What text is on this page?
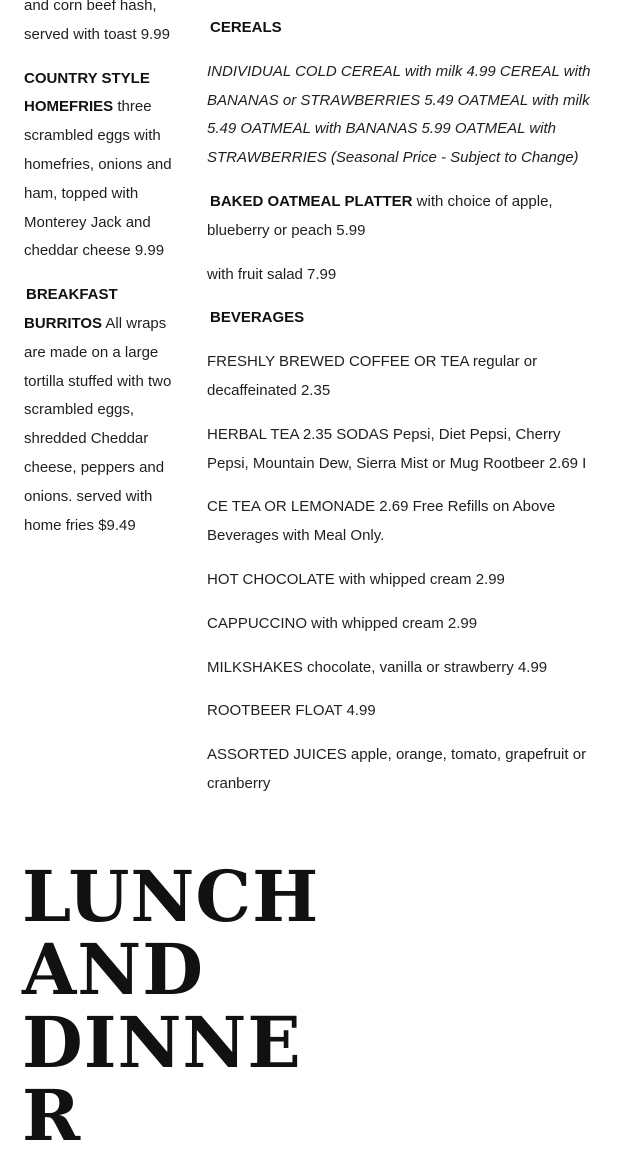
and corn beef hash, served with toast 9.99

COUNTRY STYLE HOMEFRIES three scrambled eggs with homefries, onions and ham, topped with Monterey Jack and cheddar cheese 9.99

BREAKFAST BURRITOS All wraps are made on a large tortilla stuffed with two scrambled eggs, shredded Cheddar cheese, peppers and onions. served with home fries $9.49

CEREALS

INDIVIDUAL COLD CEREAL with milk 4.99 CEREAL with BANANAS or STRAWBERRIES 5.49 OATMEAL with milk 5.49 OATMEAL with BANANAS 5.99 OATMEAL with STRAWBERRIES (Seasonal Price - Subject to Change)

BAKED OATMEAL PLATTER with choice of apple, blueberry or peach 5.99

with fruit salad 7.99

BEVERAGES

FRESHLY BREWED COFFEE OR TEA regular or decaffeinated 2.35

HERBAL TEA 2.35 SODAS Pepsi, Diet Pepsi, Cherry Pepsi, Mountain Dew, Sierra Mist or Mug Rootbeer 2.69 I

CE TEA OR LEMONADE 2.69 Free Refills on Above Beverages with Meal Only.

HOT CHOCOLATE with whipped cream 2.99

CAPPUCCINO with whipped cream 2.99

MILKSHAKES chocolate, vanilla or strawberry 4.99

ROOTBEER FLOAT 4.99

ASSORTED JUICES apple, orange, tomato, grapefruit or cranberry

LUNCH
AND
DINNE
R
